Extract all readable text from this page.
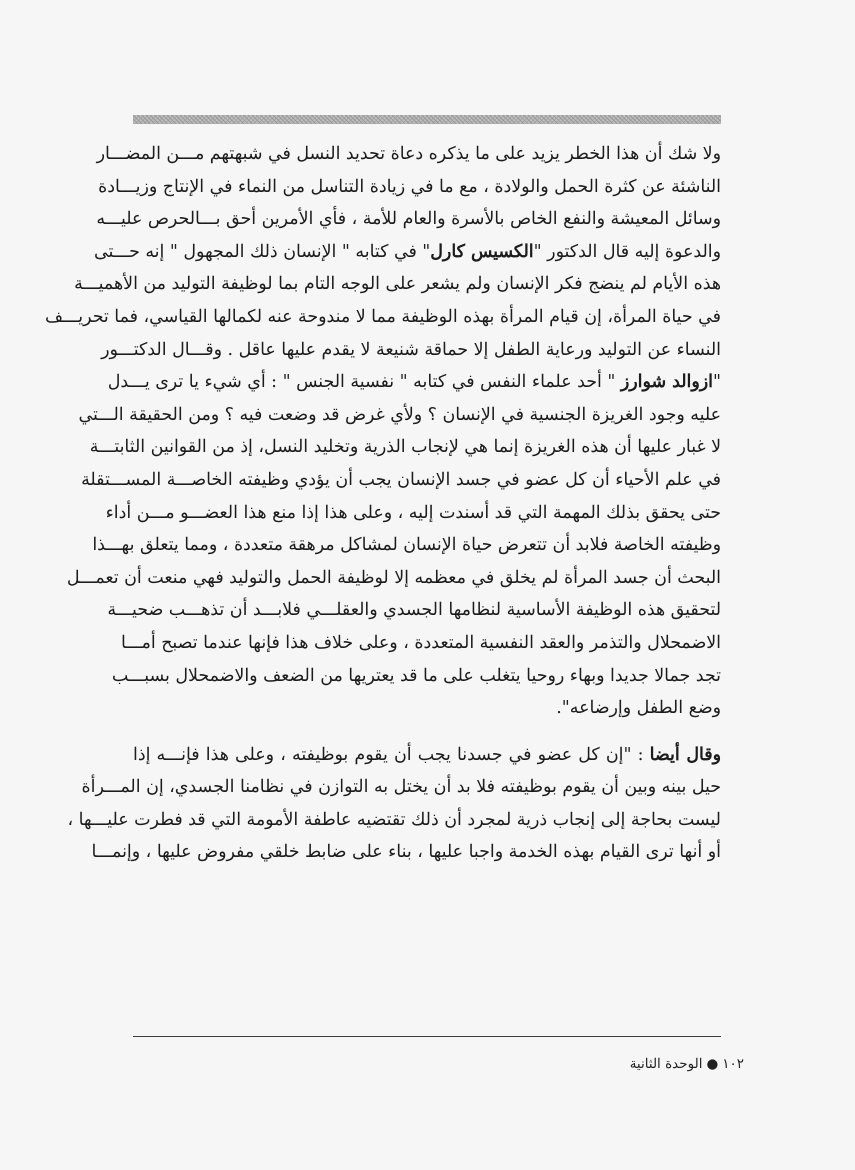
ولا شك أن هذا الخطر يزيد على ما يذكره دعاة تحديد النسل في شبهتهم مـــن المضـــار
الناشئة عن كثرة الحمل والولادة ، مع ما في زيادة التناسل من النماء في الإنتاج وزيـــادة
وسائل المعيشة والنفع الخاص بالأسرة والعام للأمة ، فأي الأمرين أحق بـــالحرص عليـــه
والدعوة إليه قال الدكتور "الكسيس كارل" في كتابه " الإنسان ذلك المجهول " إنه حـــتى
هذه الأيام لم ينضج فكر الإنسان ولم يشعر على الوجه التام بما لوظيفة التوليد من الأهميـــة
في حياة المرأة، إن قيام المرأة بهذه الوظيفة مما لا مندوحة عنه لكمالها القياسي، فما تحريـــف
النساء عن التوليد ورعاية الطفل إلا حماقة شنيعة لا يقدم عليها عاقل . وقـــال الدكتـــور
"ازوالد شوارز " أحد علماء النفس في كتابه " نفسية الجنس " : أي شيء يا ترى يـــدل
عليه وجود الغريزة الجنسية في الإنسان ؟ ولأي غرض قد وضعت فيه ؟ ومن الحقيقة الـــتي
لا غبار عليها أن هذه الغريزة إنما هي لإنجاب الذرية وتخليد النسل، إذ من القوانين الثابتـــة
في علم الأحياء أن كل عضو في جسد الإنسان يجب أن يؤدي وظيفته الخاصـــة المســـتقلة
حتى يحقق بذلك المهمة التي قد أسندت إليه ، وعلى هذا إذا منع هذا العضـــو مـــن أداء
وظيفته الخاصة فلابد أن تتعرض حياة الإنسان لمشاكل مرهقة متعددة ، ومما يتعلق بهـــذا
البحث أن جسد المرأة لم يخلق في معظمه إلا لوظيفة الحمل والتوليد فهي منعت أن تعمـــل
لتحقيق هذه الوظيفة الأساسية لنظامها الجسدي والعقلـــي فلابـــد أن تذهـــب ضحيـــة
الاضمحلال والتذمر والعقد النفسية المتعددة ، وعلى خلاف هذا فإنها عندما تصبح أمـــا
تجد جمالا جديدا وبهاء روحيا يتغلب على ما قد يعتريها من الضعف والاضمحلال بسبـــب
وضع الطفل وإرضاعه".
وقال أيضا : "إن كل عضو في جسدنا يجب أن يقوم بوظيفته ، وعلى هذا فإنـــه إذا
حيل بينه وبين أن يقوم بوظيفته فلا بد أن يختل به التوازن في نظامنا الجسدي، إن المـــرأة
ليست بحاجة إلى إنجاب ذرية لمجرد أن ذلك تقتضيه عاطفة الأمومة التي قد فطرت عليـــها ،
أو أنها ترى القيام بهذه الخدمة واجبا عليها ، بناء على ضابط خلقي مفروض عليها ، وإنمـــا
١٠٢●الوحدة الثانية
